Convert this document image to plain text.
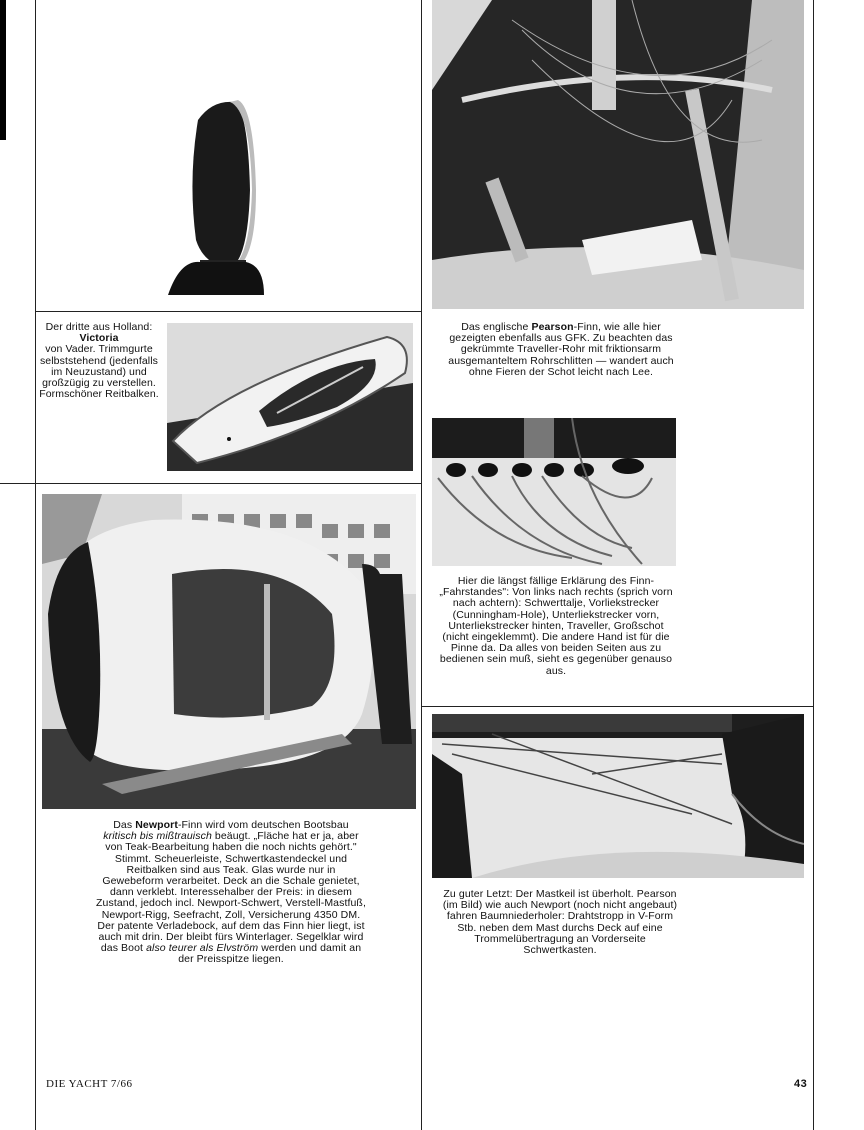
Der dritte aus Holland:
Victoria
von Vader. Trimmgurte selbststehend (jedenfalls im Neuzustand) und großzügig zu verstellen. Formschöner Reitbalken.
Das Newport-Finn wird vom deutschen Bootsbau kritisch bis mißtrauisch beäugt. „Fläche hat er ja, aber von Teak-Bearbeitung haben die noch nichts gehört." Stimmt. Scheuerleiste, Schwertkastendeckel und Reitbalken sind aus Teak. Glas wurde nur in Gewebeform verarbeitet. Deck an die Schale genietet, dann verklebt. Interessehalber der Preis: in diesem Zustand, jedoch incl. Newport-Schwert, Verstell-Mastfuß, Newport-Rigg, Seefracht, Zoll, Versicherung 4350 DM. Der patente Verladebock, auf dem das Finn hier liegt, ist auch mit drin. Der bleibt fürs Winterlager. Segelklar wird das Boot also teurer als Elvström werden und damit an der Preisspitze liegen.
Das englische Pearson-Finn, wie alle hier gezeigten ebenfalls aus GFK. Zu beachten das gekrümmte Traveller-Rohr mit friktionsarm ausgemanteltem Rohrschlitten — wandert auch ohne Fieren der Schot leicht nach Lee.
Hier die längst fällige Erklärung des Finn-„Fahrstandes": Von links nach rechts (sprich vorn nach achtern): Schwerttalje, Vorliekstrecker (Cunningham-Hole), Unterliekstrecker vorn, Unterliekstrecker hinten, Traveller, Großschot (nicht eingeklemmt). Die andere Hand ist für die Pinne da. Da alles von beiden Seiten aus zu bedienen sein muß, sieht es gegenüber genauso aus.
Zu guter Letzt: Der Mastkeil ist überholt. Pearson (im Bild) wie auch Newport (noch nicht angebaut) fahren Baumniederholer: Drahtstropp in V-Form Stb. neben dem Mast durchs Deck auf eine Trommelübertragung an Vorderseite Schwertkasten.
DIE YACHT 7/66	43
